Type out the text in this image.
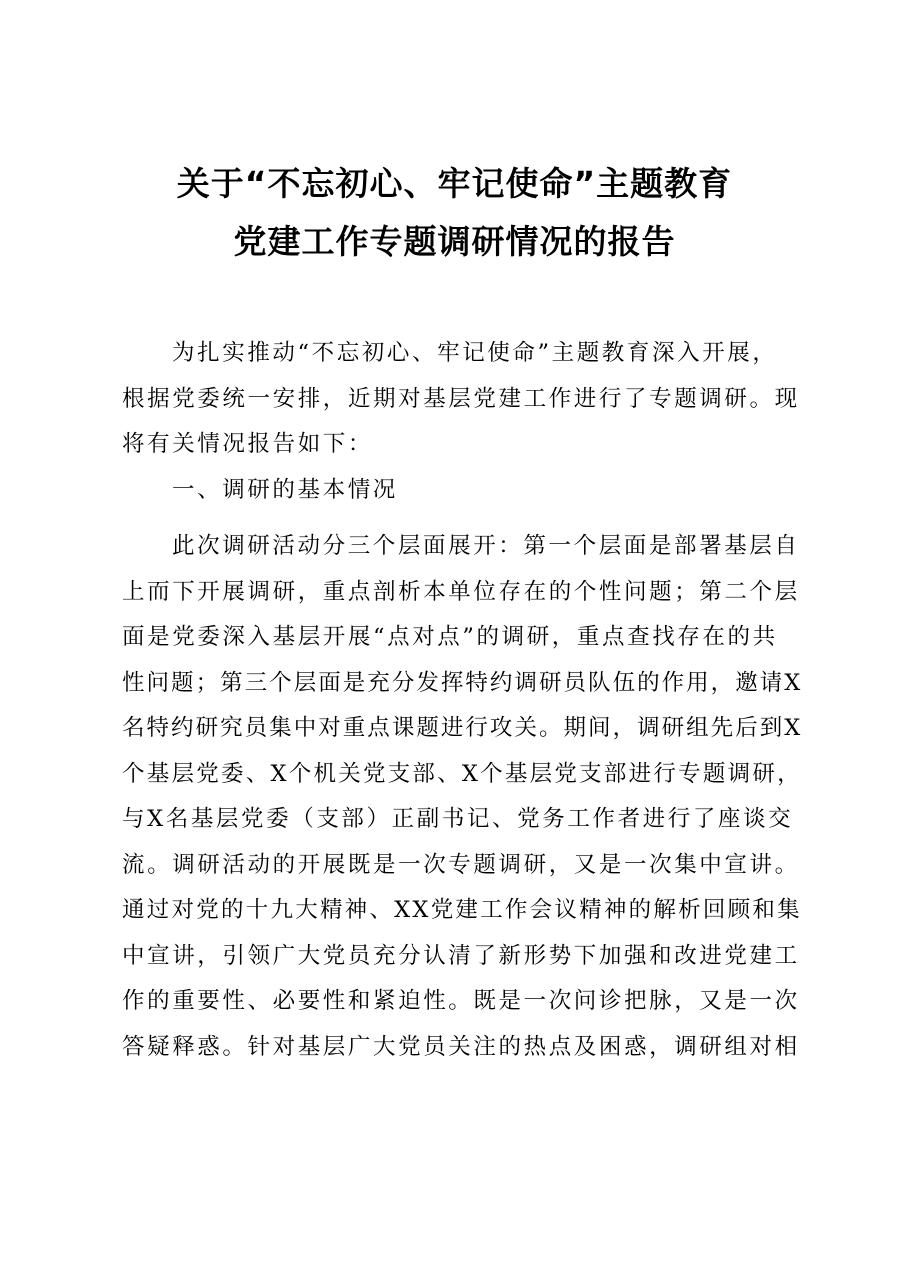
关于“不忘初心、牢记使命”主题教育
党建工作专题调研情况的报告
为扎实推动“不忘初心、牢记使命”主题教育深入开展，
根据党委统一安排，近期对基层党建工作进行了专题调研。现
将有关情况报告如下：
一、调研的基本情况
此次调研活动分三个层面展开：第一个层面是部署基层自
上而下开展调研，重点剖析本单位存在的个性问题；第二个层
面是党委深入基层开展“点对点”的调研，重点查找存在的共
性问题；第三个层面是充分发挥特约调研员队伍的作用，邀请X
名特约研究员集中对重点课题进行攻关。期间，调研组先后到X
个基层党委、X个机关党支部、X个基层党支部进行专题调研，
与X名基层党委（支部）正副书记、党务工作者进行了座谈交
流。调研活动的开展既是一次专题调研，又是一次集中宣讲。
通过对党的十九大精神、XX党建工作会议精神的解析回顾和集
中宣讲，引领广大党员充分认清了新形势下加强和改进党建工
作的重要性、必要性和紧迫性。既是一次问诊把脉，又是一次
答疑释惑。针对基层广大党员关注的热点及困惑，调研组对相
